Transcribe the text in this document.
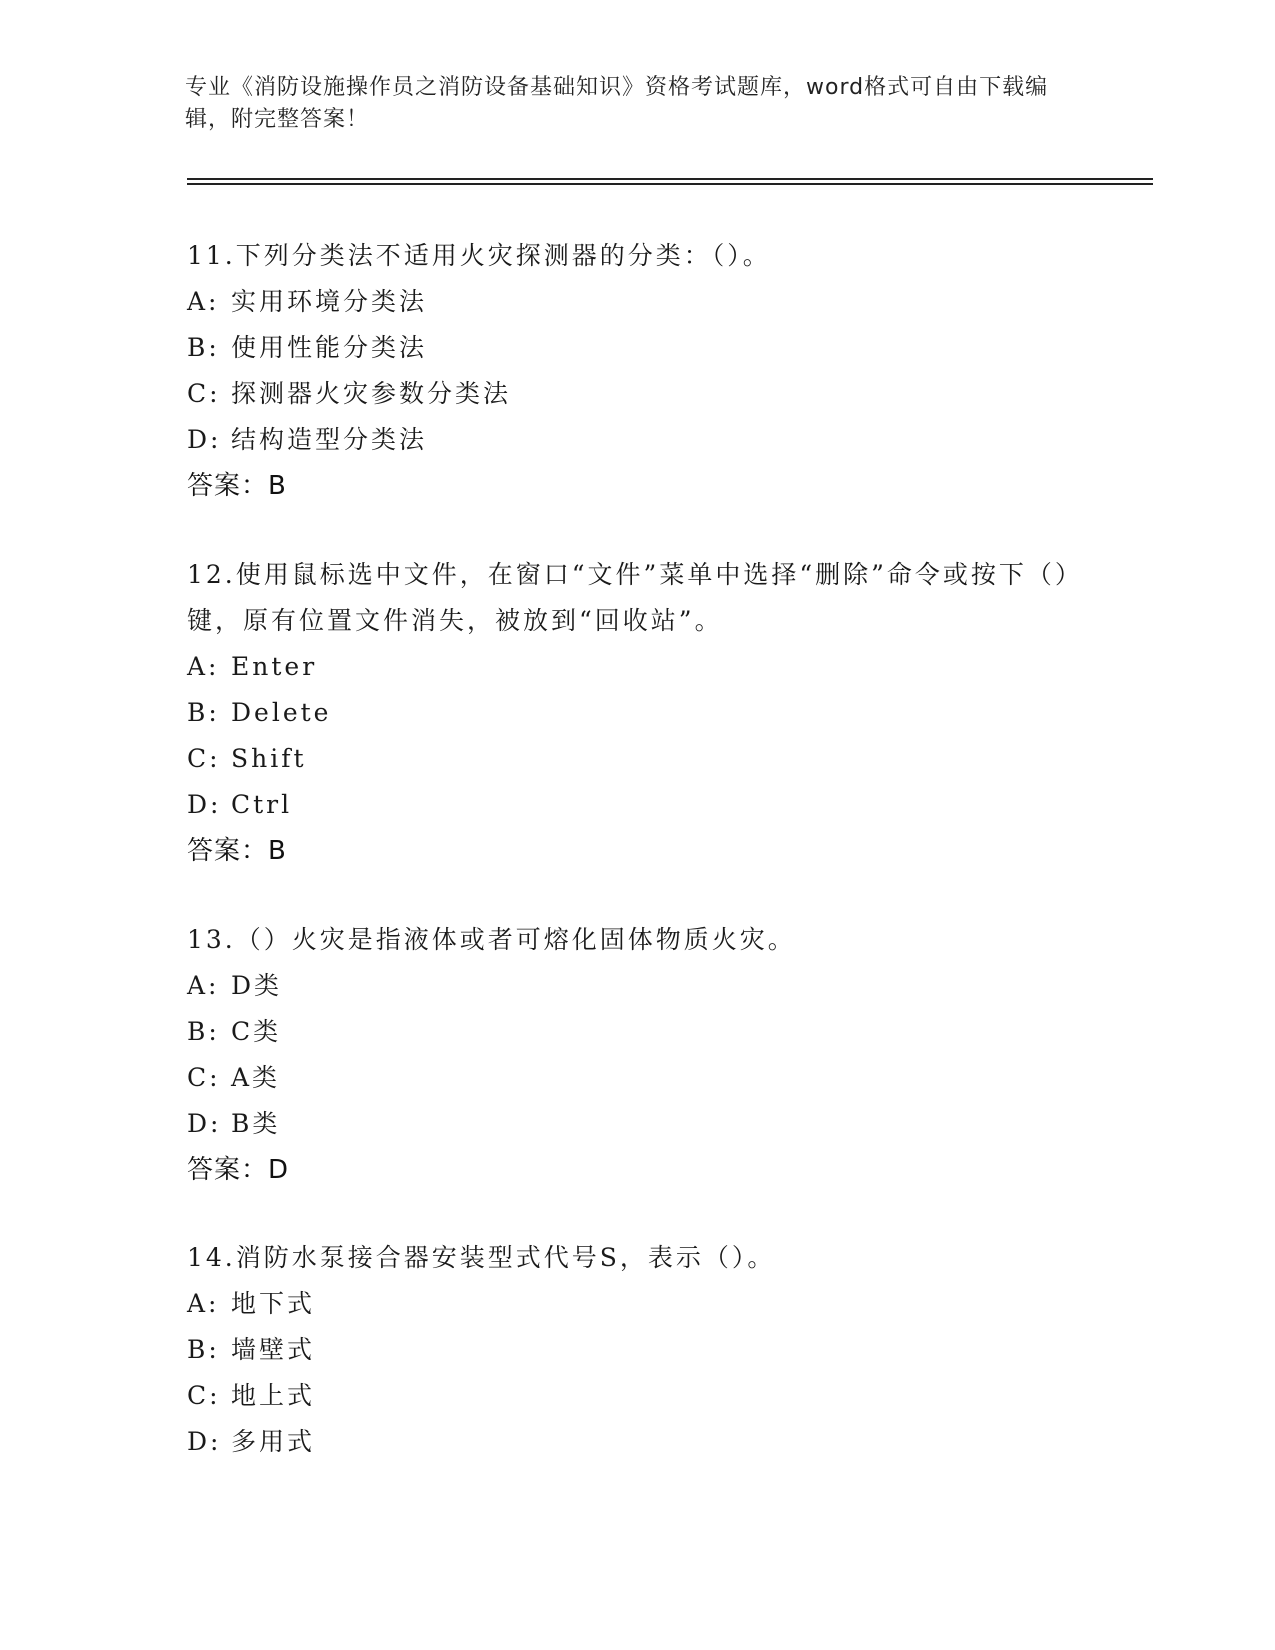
专业《消防设施操作员之消防设备基础知识》资格考试题库，word格式可自由下载编辑，附完整答案！

11.下列分类法不适用火灾探测器的分类：（）。

A: 实用环境分类法
B: 使用性能分类法
C: 探测器火灾参数分类法
D: 结构造型分类法
答案：B

12.使用鼠标选中文件，在窗口“文件”菜单中选择“删除”命令或按下（）键，原有位置文件消失，被放到“回收站”。

A: Enter
B: Delete
C: Shift
D: Ctrl
答案：B

13.（）火灾是指液体或者可熔化固体物质火灾。

A: D类
B: C类
C: A类
D: B类
答案：D

14.消防水泵接合器安装型式代号S，表示（）。

A: 地下式
B: 墙壁式
C: 地上式
D: 多用式
